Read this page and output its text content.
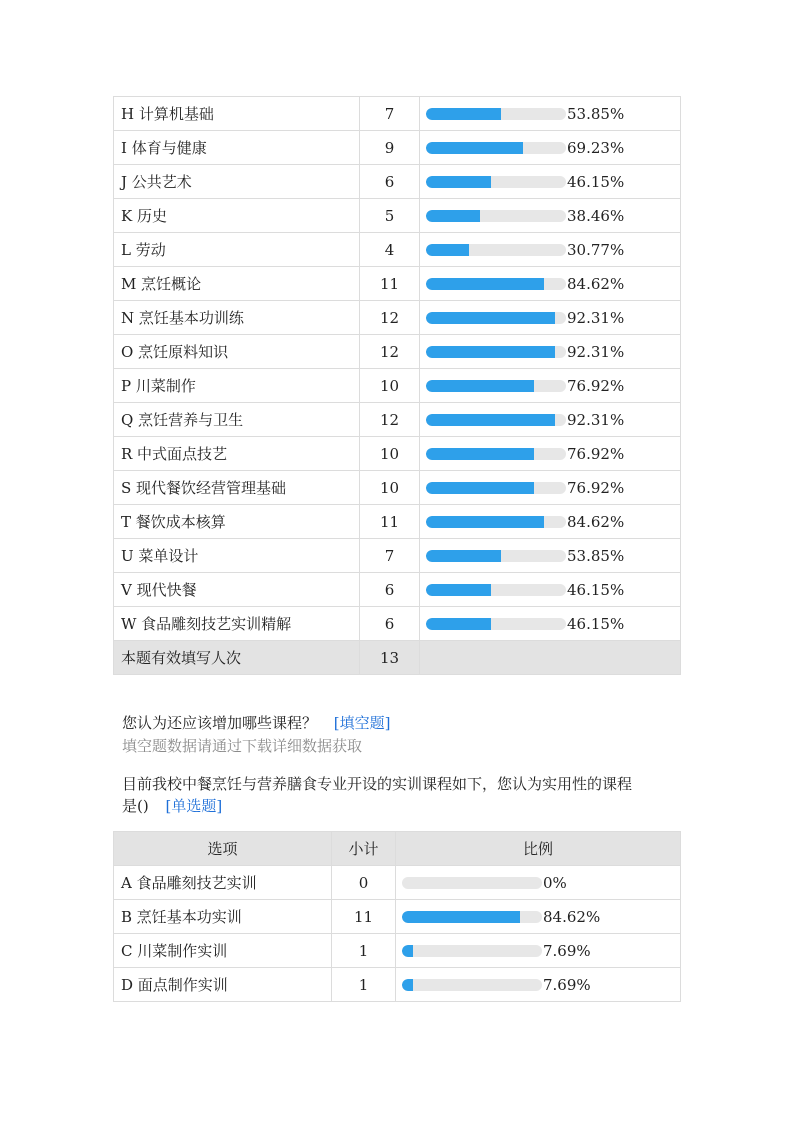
H 计算机基础	7	53.85%

I 体育与健康	9	69.23%

J 公共艺术	6	46.15%

K 历史	5	38.46%

L 劳动	4	30.77%

M 烹饪概论	11	84.62%

N 烹饪基本功训练	12	92.31%

O 烹饪原料知识	12	92.31%

P 川菜制作	10	76.92%

Q 烹饪营养与卫生	12	92.31%

R 中式面点技艺	10	76.92%

S 现代餐饮经营管理基础	10	76.92%

T 餐饮成本核算	11	84.62%

U 菜单设计	7	53.85%

V 现代快餐	6	46.15%

W 食品雕刻技艺实训精解	6	46.15%

本题有效填写人次	13	
您认为还应该增加哪些课程？ [填空题]
填空题数据请通过下载详细数据获取
目前我校中餐烹饪与营养膳食专业开设的实训课程如下，您认为实用性的课程
是() [单选题]
选项	小计	比例
A 食品雕刻技艺实训	0	0%

B 烹饪基本功实训	11	84.62%

C 川菜制作实训	1	7.69%

D 面点制作实训	1	7.69%
